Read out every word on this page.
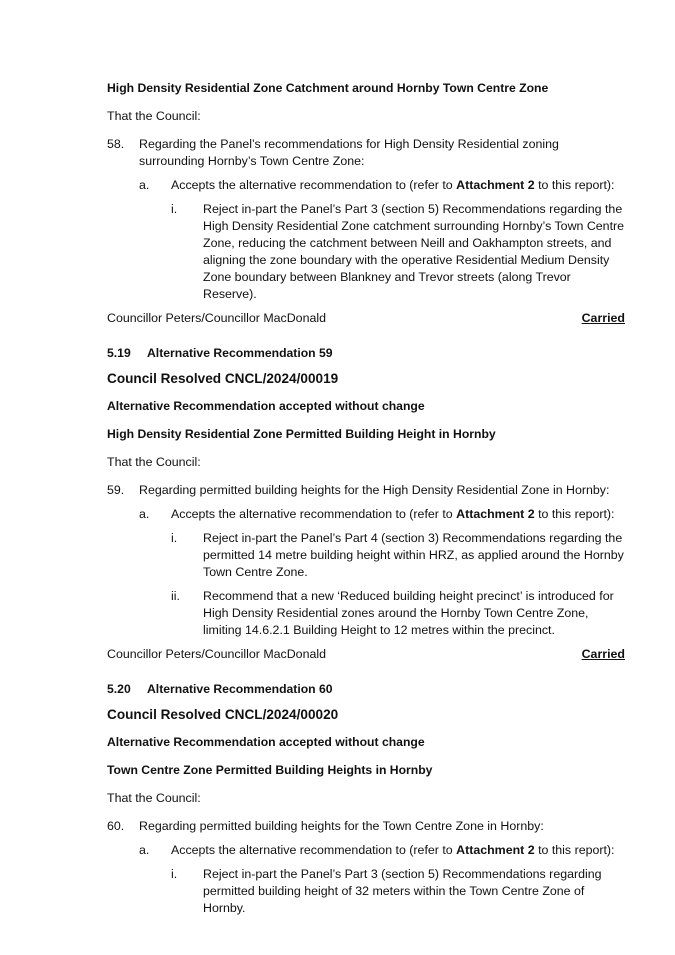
High Density Residential Zone Catchment around Hornby Town Centre Zone
That the Council:
58.	Regarding the Panel’s recommendations for High Density Residential zoning surrounding Hornby’s Town Centre Zone:
a.	Accepts the alternative recommendation to (refer to Attachment 2 to this report):
i.	Reject in-part the Panel’s Part 3 (section 5) Recommendations regarding the High Density Residential Zone catchment surrounding Hornby’s Town Centre Zone, reducing the catchment between Neill and Oakhampton streets, and aligning the zone boundary with the operative Residential Medium Density Zone boundary between Blankney and Trevor streets (along Trevor Reserve).
Councillor Peters/Councillor MacDonald	Carried
5.19 Alternative Recommendation 59
Council Resolved CNCL/2024/00019
Alternative Recommendation accepted without change
High Density Residential Zone Permitted Building Height in Hornby
That the Council:
59.	Regarding permitted building heights for the High Density Residential Zone in Hornby:
a.	Accepts the alternative recommendation to (refer to Attachment 2 to this report):
i.	Reject in-part the Panel’s Part 4 (section 3) Recommendations regarding the permitted 14 metre building height within HRZ, as applied around the Hornby Town Centre Zone.
ii.	Recommend that a new ‘Reduced building height precinct’ is introduced for High Density Residential zones around the Hornby Town Centre Zone, limiting 14.6.2.1 Building Height to 12 metres within the precinct.
Councillor Peters/Councillor MacDonald	Carried
5.20 Alternative Recommendation 60
Council Resolved CNCL/2024/00020
Alternative Recommendation accepted without change
Town Centre Zone Permitted Building Heights in Hornby
That the Council:
60.	Regarding permitted building heights for the Town Centre Zone in Hornby:
a.	Accepts the alternative recommendation to (refer to Attachment 2 to this report):
i.	Reject in-part the Panel’s Part 3 (section 5) Recommendations regarding permitted building height of 32 meters within the Town Centre Zone of Hornby.
